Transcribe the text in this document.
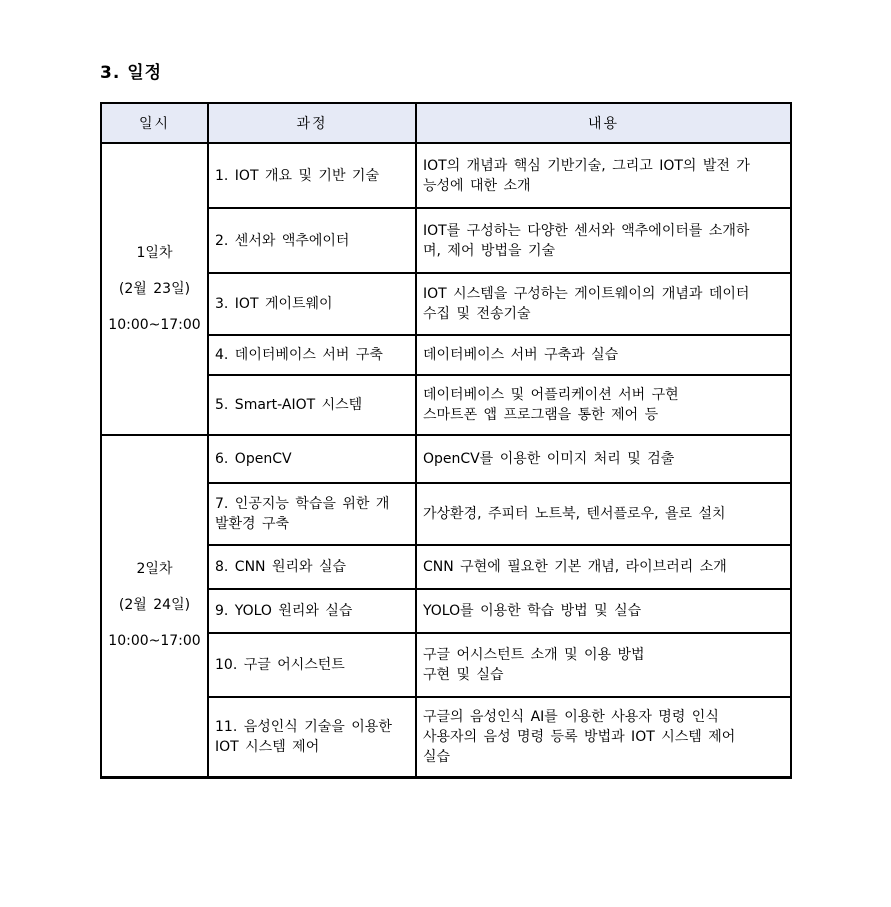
3. 일정
일시	과정	내용

1일차
(2월 23일)
10:00~17:00
	1. IOT 개요 및 기반 기술	IOT의 개념과 핵심 기반기술, 그리고 IOT의 발전 가
능성에 대한 소개
	2. 센서와 액추에이터	IOT를 구성하는 다양한 센서와 액추에이터를 소개하
며, 제어 방법을 기술
	3. IOT 게이트웨이	IOT 시스템을 구성하는 게이트웨이의 개념과 데이터
수집 및 전송기술
	4. 데이터베이스 서버 구축	데이터베이스 서버 구축과 실습
	5. Smart-AIOT 시스템	데이터베이스 및 어플리케이션 서버 구현
스마트폰 앱 프로그램을 통한 제어 등

2일차
(2월 24일)
10:00~17:00	6. OpenCV	OpenCV를 이용한 이미지 처리 및 검출
	7. 인공지능 학습을 위한 개
발환경 구축	가상환경, 주피터 노트북, 텐서플로우, 욜로 설치
	8. CNN 원리와 실습	CNN 구현에 필요한 기본 개념, 라이브러리 소개
	9. YOLO 원리와 실습	YOLO를 이용한 학습 방법 및 실습
	10. 구글 어시스턴트	구글 어시스턴트 소개 및 이용 방법
구현 및 실습
	11. 음성인식 기술을 이용한
IOT 시스템 제어	구글의 음성인식 AI를 이용한 사용자 명령 인식
사용자의 음성 명령 등록 방법과 IOT 시스템 제어
실습
